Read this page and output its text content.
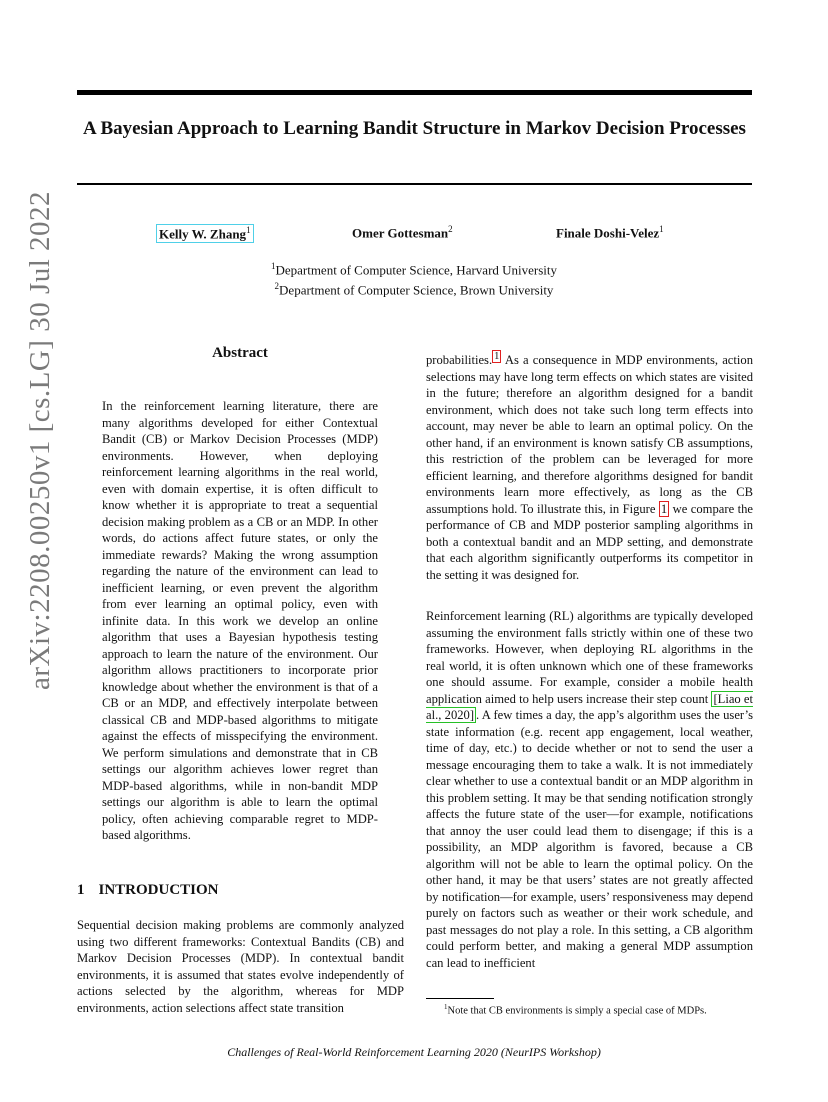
A Bayesian Approach to Learning Bandit Structure in Markov Decision Processes
Kelly W. Zhang$^1$	Omer Gottesman$^2$	Finale Doshi-Velez$^1$
$^1$Department of Computer Science, Harvard University
$^2$Department of Computer Science, Brown University
arXiv:2208.00250v1 [cs.LG] 30 Jul 2022	Abstract

In the reinforcement learning literature, there are many algorithms developed for either Contextual Bandit (CB) or Markov Decision Processes (MDP) environments. However, when deploying reinforcement learning algorithms in the real world, even with domain expertise, it is often difficult to know whether it is appropriate to treat a sequential decision making problem as a CB or an MDP. In other words, do actions affect future states, or only the immediate rewards? Making the wrong assumption regarding the nature of the environment can lead to inefficient learning, or even prevent the algorithm from ever learning an optimal policy, even with infinite data. In this work we develop an online algorithm that uses a Bayesian hypothesis testing approach to learn the nature of the environment. Our algorithm allows practitioners to incorporate prior knowledge about whether the environment is that of a CB or an MDP, and effectively interpolate between classical CB and MDP-based algorithms to mitigate against the effects of misspecifying the environment. We perform simulations and demonstrate that in CB settings our algorithm achieves lower regret than MDP-based algorithms, while in non-bandit MDP settings our algorithm is able to learn the optimal policy, often achieving comparable regret to MDP-based algorithms.

1 INTRODUCTION

Sequential decision making problems are commonly analyzed using two different frameworks: Contextual Bandits (CB) and Markov Decision Processes (MDP). In contextual bandit environments, it is assumed that states evolve independently of actions selected by the algorithm, whereas for MDP environments, action selections affect state transition

probabilities. $^1$ As a consequence in MDP environments, action selections may have long term effects on which states are visited in the future; therefore an algorithm designed for a bandit environment, which does not take such long term effects into account, may never be able to learn an optimal policy. On the other hand, if an environment is known satisfy CB assumptions, this restriction of the problem can be leveraged for more efficient learning, and therefore algorithms designed for bandit environments learn more effectively, as long as the CB assumptions hold. To illustrate this, in Figure 1 we compare the performance of CB and MDP posterior sampling algorithms in both a contextual bandit and an MDP setting, and demonstrate that each algorithm significantly outperforms its competitor in the setting it was designed for.

Reinforcement learning (RL) algorithms are typically developed assuming the environment falls strictly within one of these two frameworks. However, when deploying RL algorithms in the real world, it is often unknown which one of these frameworks one should assume. For example, consider a mobile health application aimed to help users increase their step count [Liao et al., 2020] . A few times a day, the app’s algorithm uses the user’s state information (e.g. recent app engagement, local weather, time of day, etc.) to decide whether or not to send the user a message encouraging them to take a walk. It is not immediately clear whether to use a contextual bandit or an MDP algorithm in this problem setting. It may be that sending notification strongly affects the future state of the user—for example, notifications that annoy the user could lead them to disengage; if this is a possibility, an MDP algorithm is favored, because a CB algorithm will not be able to learn the optimal policy. On the other hand, it may be that users’ states are not greatly affected by notification—for example, users’ responsiveness may depend purely on factors such as weather or their work schedule, and past messages do not play a role. In this setting, a CB algorithm could perform better, and making a general MDP assumption can lead to inefficient

$^1$Note that CB environments is simply a special case of MDPs.
Challenges of Real-World Reinforcement Learning 2020 (NeurIPS Workshop)
